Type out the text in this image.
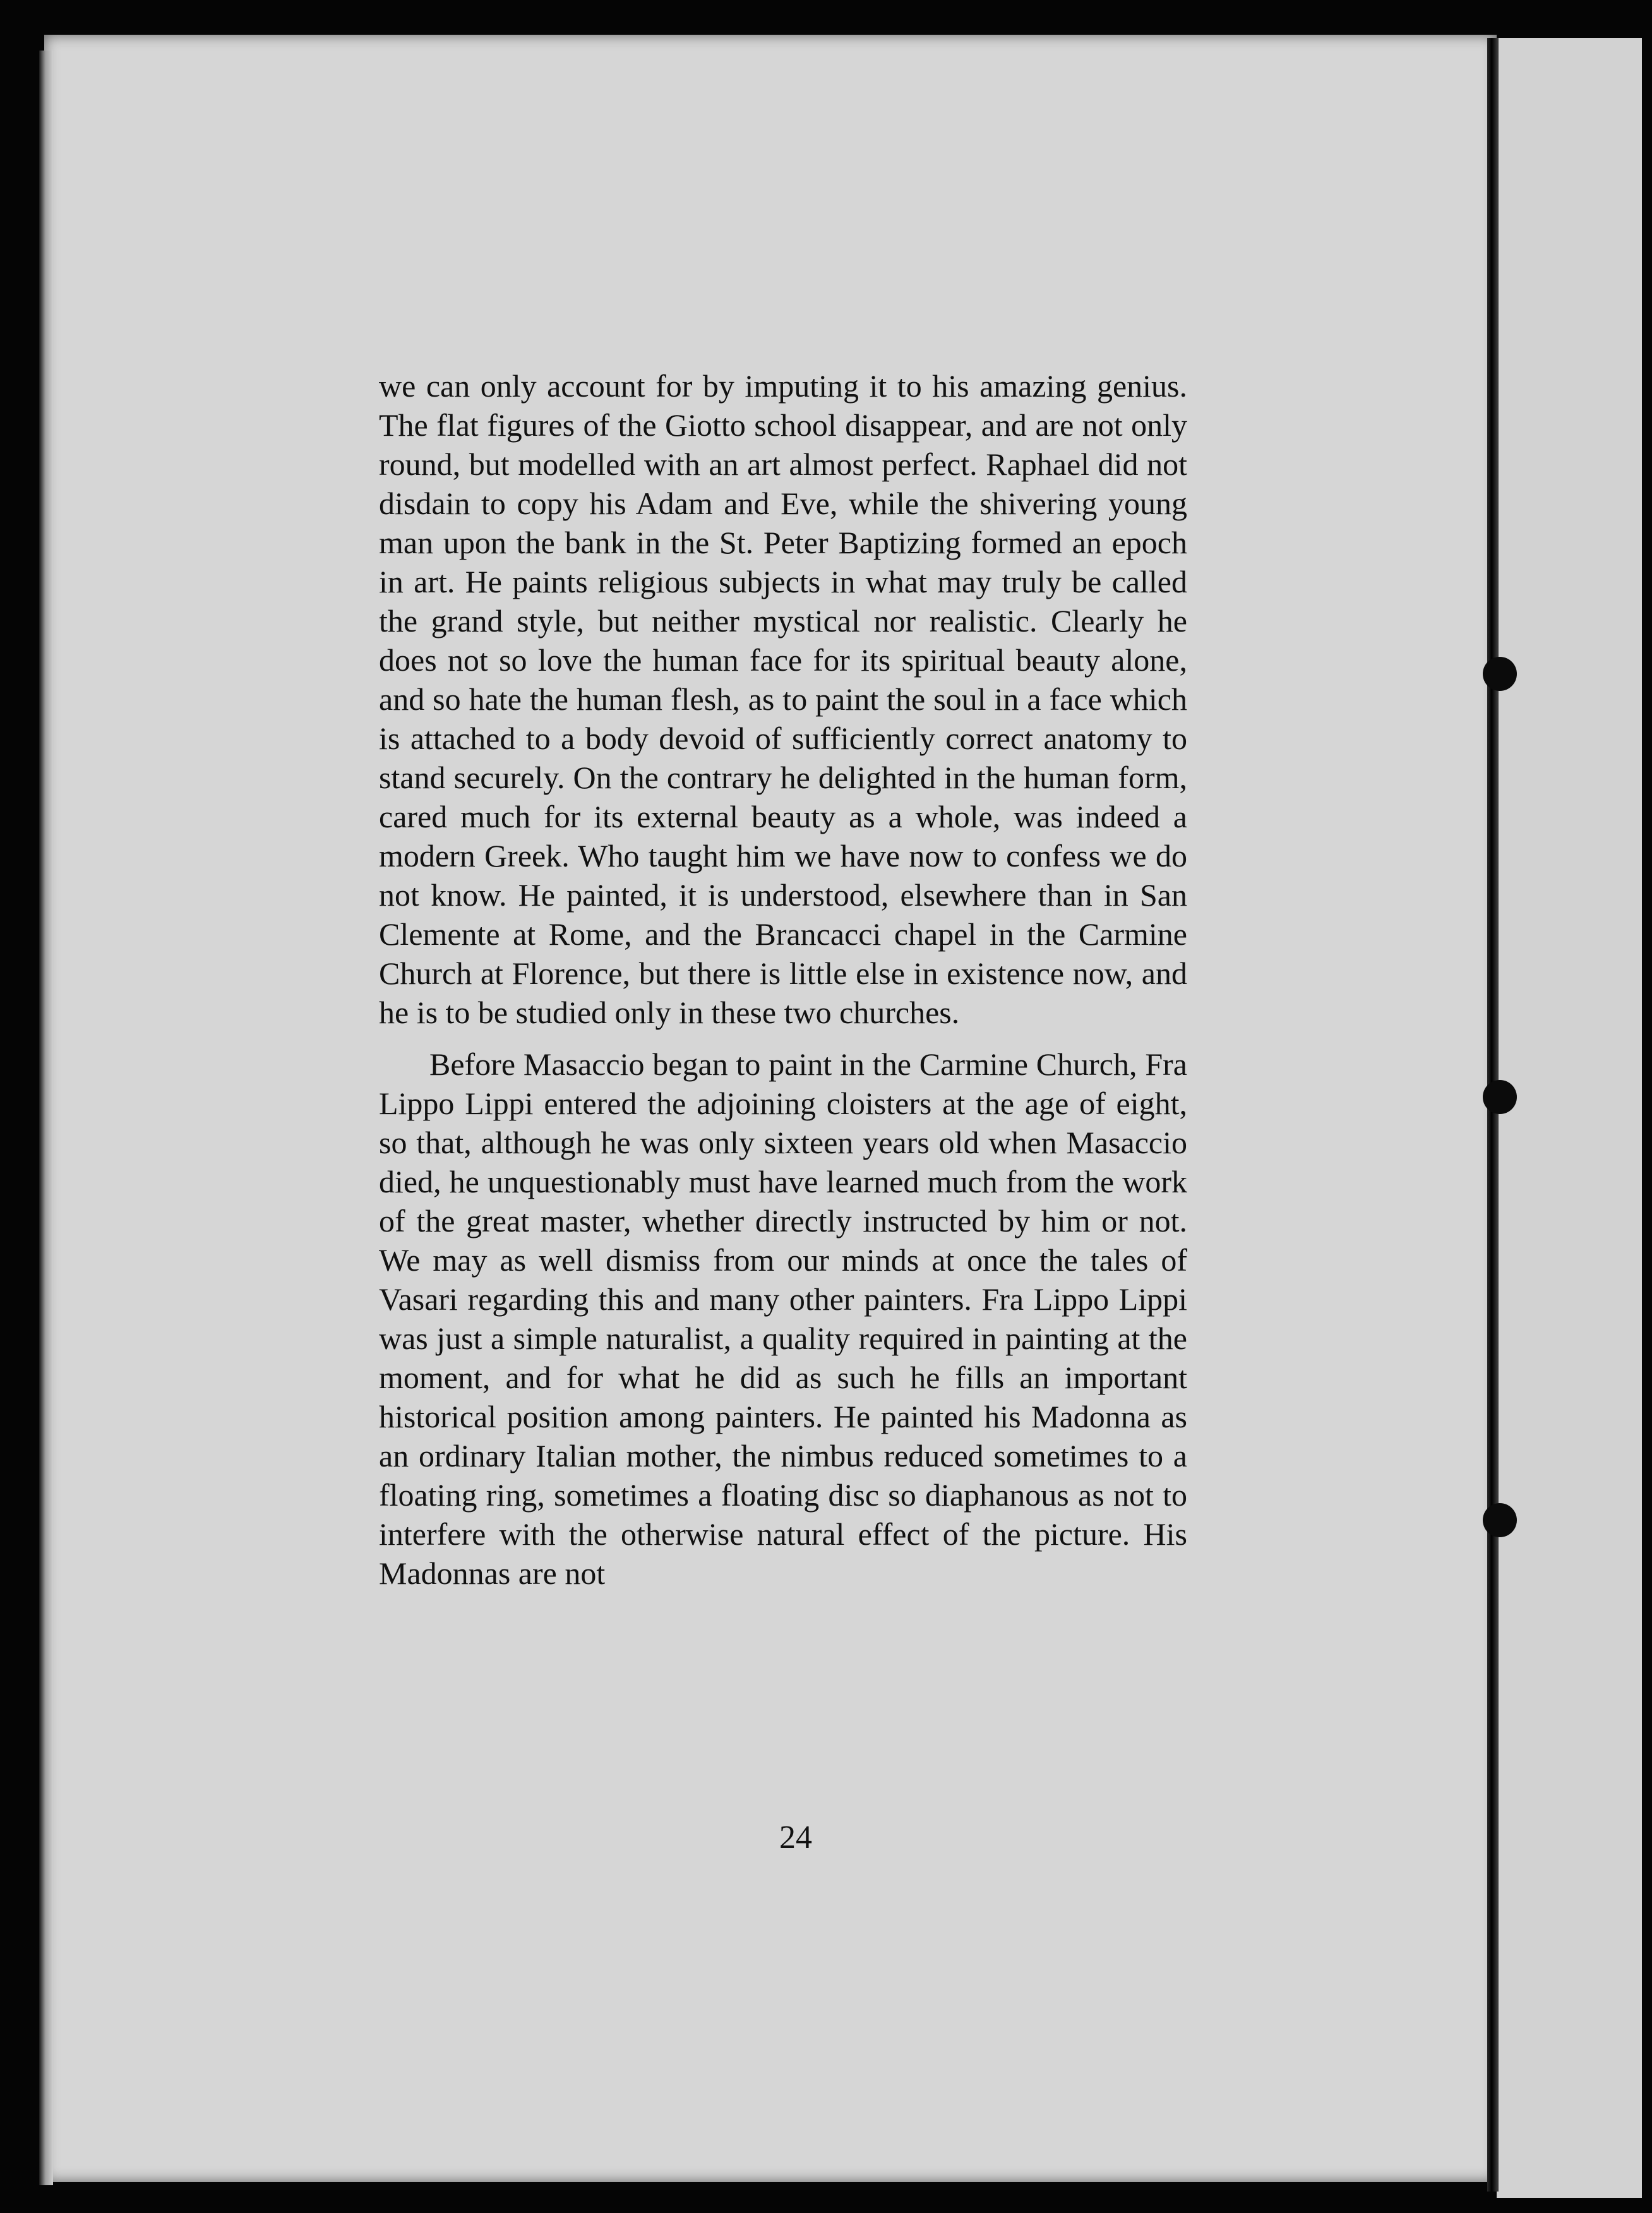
we can only account for by imputing it to his amazing genius. The flat figures of the Giotto school disappear, and are not only round, but modelled with an art almost perfect. Raphael did not disdain to copy his Adam and Eve, while the shivering young man upon the bank in the St. Peter Baptizing formed an epoch in art. He paints religious subjects in what may truly be called the grand style, but neither mystical nor realistic. Clearly he does not so love the human face for its spiritual beauty alone, and so hate the human flesh, as to paint the soul in a face which is attached to a body devoid of sufficiently correct anatomy to stand securely. On the contrary he delighted in the human form, cared much for its external beauty as a whole, was indeed a modern Greek. Who taught him we have now to confess we do not know. He painted, it is understood, elsewhere than in San Clemente at Rome, and the Brancacci chapel in the Carmine Church at Florence, but there is little else in existence now, and he is to be studied only in these two churches.

Before Masaccio began to paint in the Carmine Church, Fra Lippo Lippi entered the adjoining cloisters at the age of eight, so that, although he was only sixteen years old when Masaccio died, he unquestionably must have learned much from the work of the great master, whether directly instructed by him or not. We may as well dismiss from our minds at once the tales of Vasari regarding this and many other painters. Fra Lippo Lippi was just a simple naturalist, a quality required in painting at the moment, and for what he did as such he fills an important historical position among painters. He painted his Madonna as an ordinary Italian mother, the nimbus reduced sometimes to a floating ring, sometimes a floating disc so diaphanous as not to interfere with the otherwise natural effect of the picture. His Madonnas are not

24
